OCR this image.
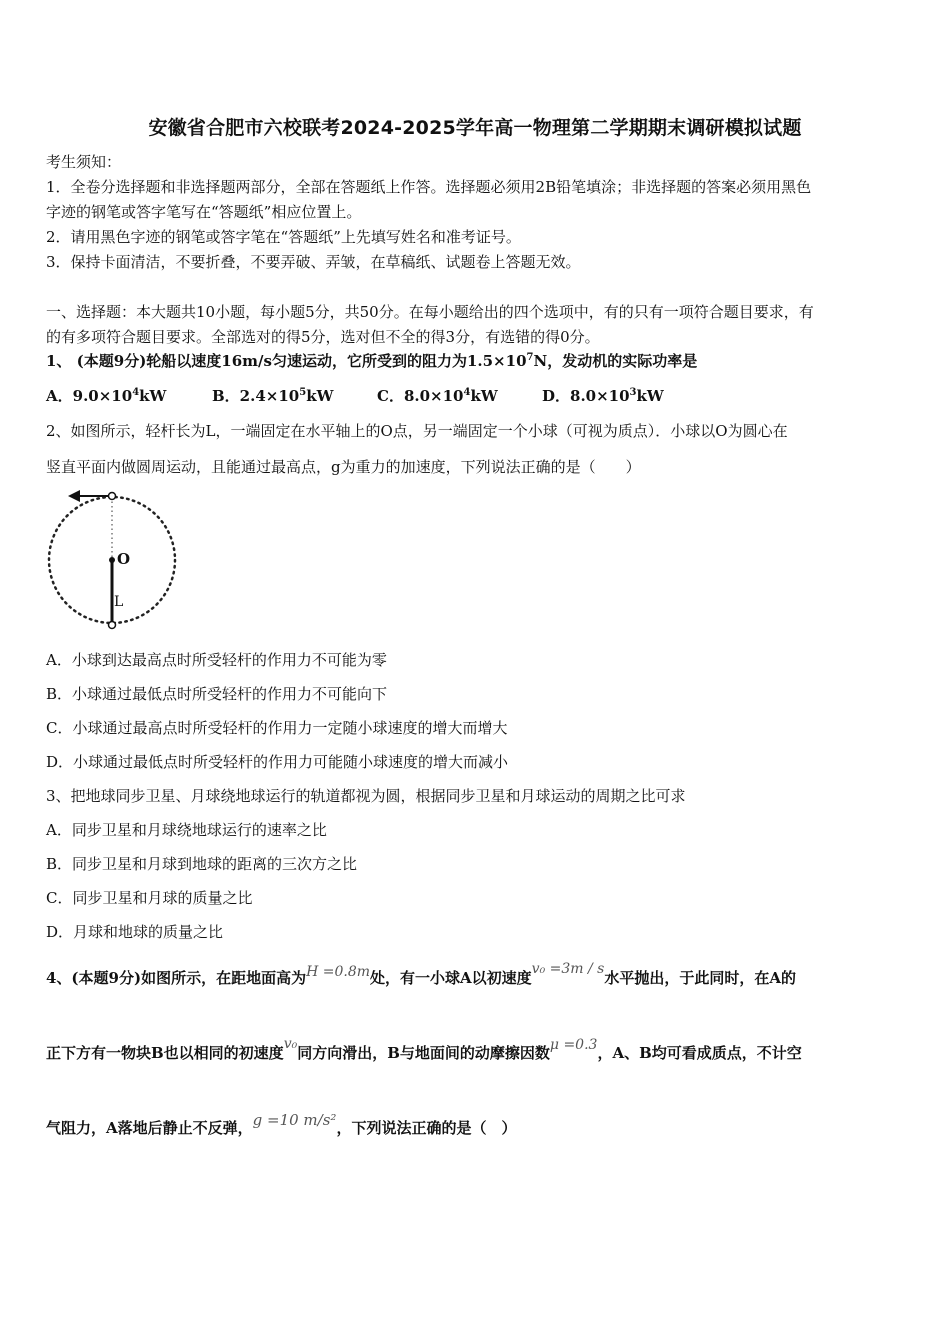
安徽省合肥市六校联考2024-2025学年高一物理第二学期期末调研模拟试题
考生须知：
1．全卷分选择题和非选择题两部分，全部在答题纸上作答。选择题必须用2B铅笔填涂；非选择题的答案必须用黑色
字迹的钢笔或答字笔写在“答题纸”相应位置上。
2．请用黑色字迹的钢笔或答字笔在“答题纸”上先填写姓名和准考证号。
3．保持卡面清洁，不要折叠，不要弄破、弄皱，在草稿纸、试题卷上答题无效。
一、选择题：本大题共10小题，每小题5分，共50分。在每小题给出的四个选项中，有的只有一项符合题目要求，有
的有多项符合题目要求。全部选对的得5分，选对但不全的得3分，有选错的得0分。
1、 (本题9分)轮船以速度16m/s匀速运动，它所受到的阻力为$1.5\times 10^7N$，发动机的实际功率是
A．$9.0\times 10^4kW$	B．$2.4\times 10^5kW$	C．$8.0\times 10^4kW$	D．$8.0\times 10^3kW$
2、如图所示，轻杆长为L，一端固定在水平轴上的O点，另一端固定一个小球（可视为质点）．小球以O为圆心在
竖直平面内做圆周运动，且能通过最高点，g为重力的加速度，下列说法正确的是（　　）
O
L
A．小球到达最高点时所受轻杆的作用力不可能为零
B．小球通过最低点时所受轻杆的作用力不可能向下
C．小球通过最高点时所受轻杆的作用力一定随小球速度的增大而增大
D．小球通过最低点时所受轻杆的作用力可能随小球速度的增大而减小
3、把地球同步卫星、月球绕地球运行的轨道都视为圆，根据同步卫星和月球运动的周期之比可求
A．同步卫星和月球绕地球运行的速率之比
B．同步卫星和月球到地球的距离的三次方之比
C．同步卫星和月球的质量之比
D．月球和地球的质量之比
4、(本题9分)如图所示，在距地面高为H =0.8m处，有一小球A以初速度v₀ =3m / s水平抛出，于此同时，在A的
正下方有一物块B也以相同的初速度v₀同方向滑出，B与地面间的动摩擦因数μ =0.3，A、B均可看成质点，不计空
气阻力，A落地后静止不反弹，g =10 m/s²，下列说法正确的是（　）
